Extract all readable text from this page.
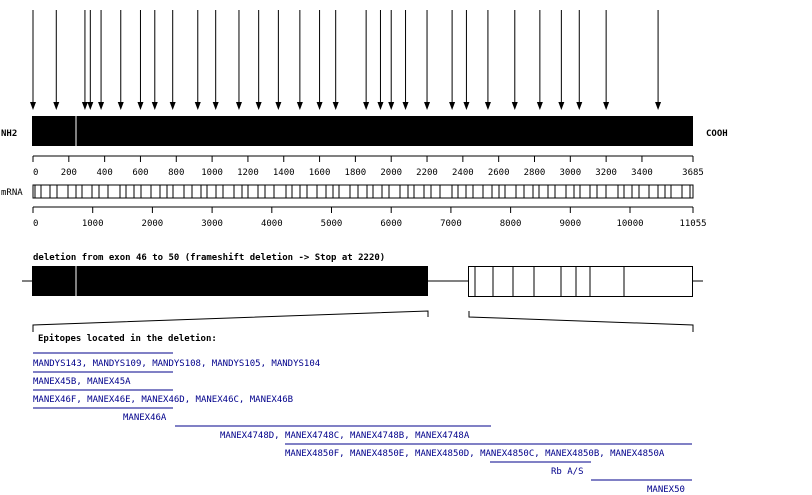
NH2	COOH
0 200 400 600 800 1000 1200 1400 1600 1800 2000 2200 2400 2600 2800 3000 3200 3400	3685
mRNA
0	1000	2000	3000	4000	5000	6000	7000	8000	9000	10000	11055
deletion from exon 46 to 50 (frameshift deletion -> Stop at 2220)
Epitopes located in the deletion:
MANDYS143, MANDYS109, MANDYS108, MANDYS105, MANDYS104
MANEX45B, MANEX45A
MANEX46F, MANEX46E, MANEX46D, MANEX46C, MANEX46B
MANEX46A
MANEX4748D, MANEX4748C, MANEX4748B, MANEX4748A
MANEX4850F, MANEX4850E, MANEX4850D, MANEX4850C, MANEX4850B, MANEX4850A
Rb A/S
MANEX50
